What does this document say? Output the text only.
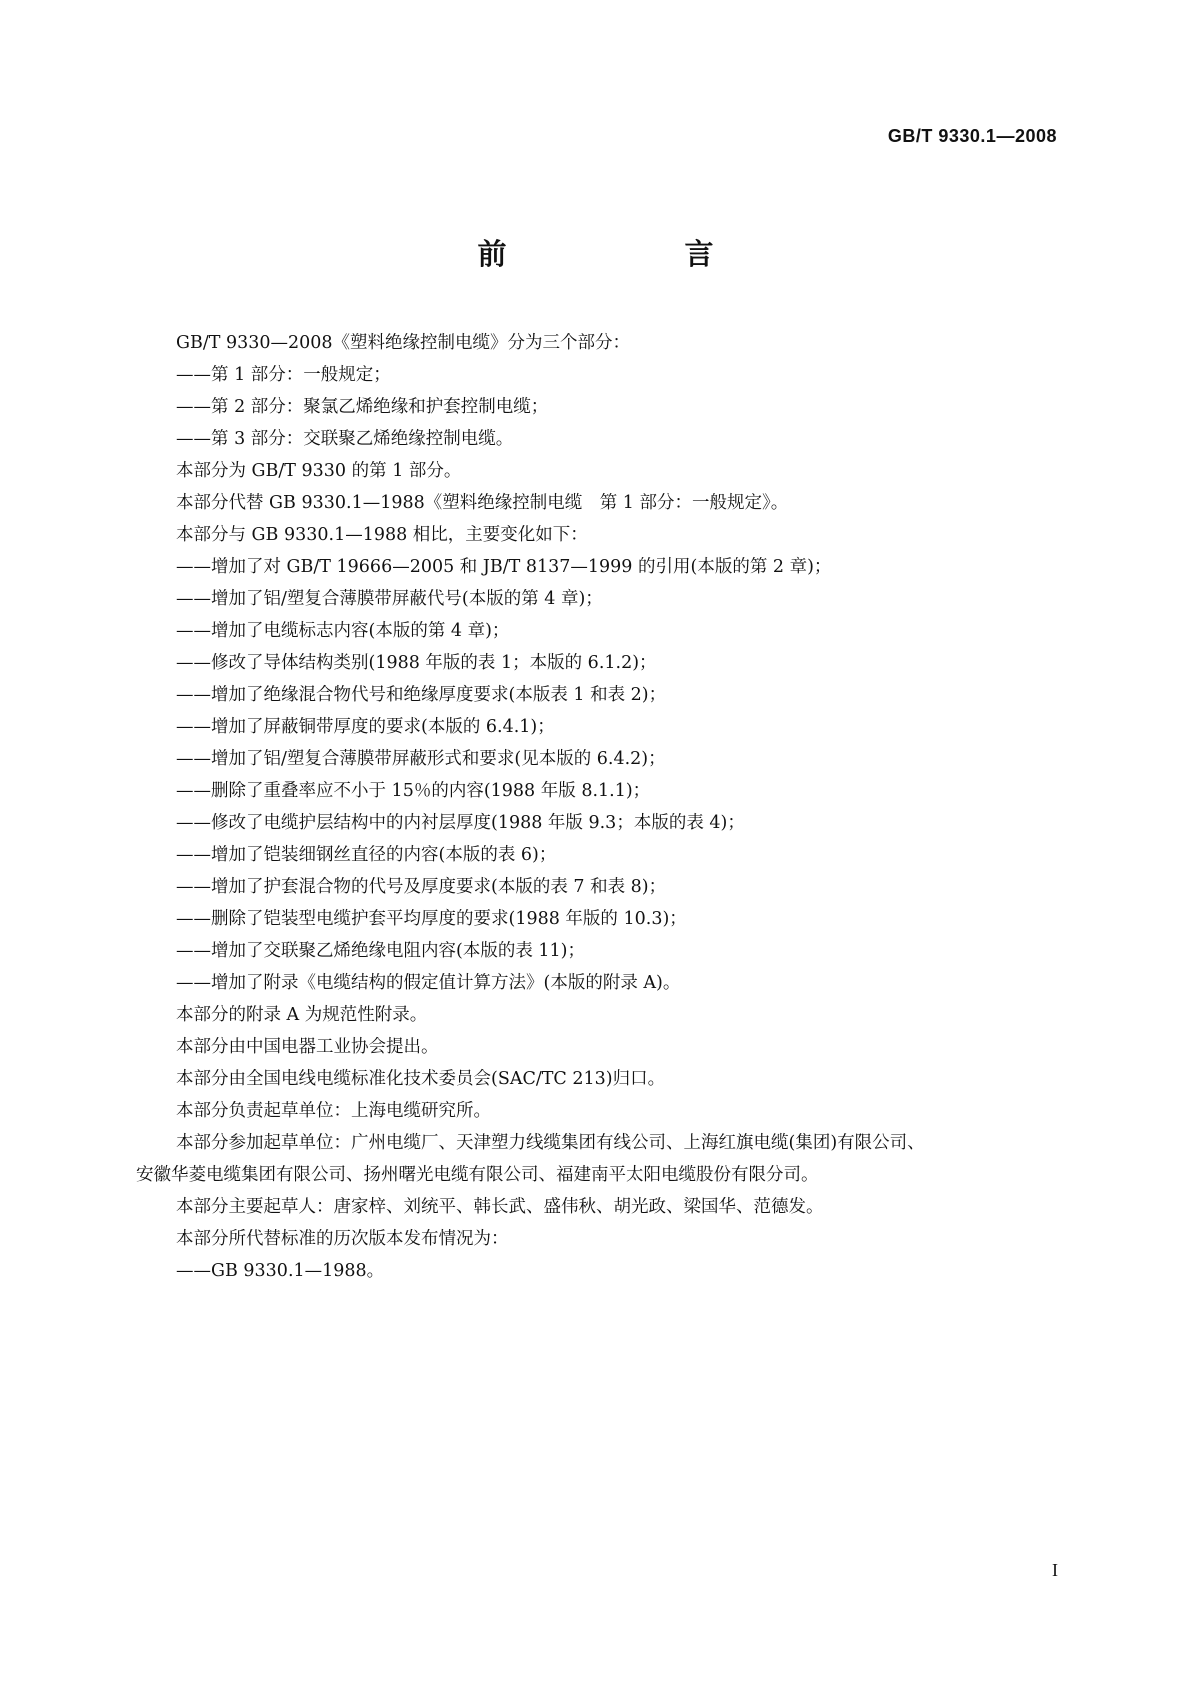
GB/T 9330.1—2008
前　　言
GB/T 9330—2008《塑料绝缘控制电缆》分为三个部分：
——第 1 部分：一般规定；
——第 2 部分：聚氯乙烯绝缘和护套控制电缆；
——第 3 部分：交联聚乙烯绝缘控制电缆。
本部分为 GB/T 9330 的第 1 部分。
本部分代替 GB 9330.1—1988《塑料绝缘控制电缆　第 1 部分：一般规定》。
本部分与 GB 9330.1—1988 相比，主要变化如下：
——增加了对 GB/T 19666—2005 和 JB/T 8137—1999 的引用(本版的第 2 章)；
——增加了铝/塑复合薄膜带屏蔽代号(本版的第 4 章)；
——增加了电缆标志内容(本版的第 4 章)；
——修改了导体结构类别(1988 年版的表 1；本版的 6.1.2)；
——增加了绝缘混合物代号和绝缘厚度要求(本版表 1 和表 2)；
——增加了屏蔽铜带厚度的要求(本版的 6.4.1)；
——增加了铝/塑复合薄膜带屏蔽形式和要求(见本版的 6.4.2)；
——删除了重叠率应不小于 15％的内容(1988 年版 8.1.1)；
——修改了电缆护层结构中的内衬层厚度(1988 年版 9.3；本版的表 4)；
——增加了铠装细钢丝直径的内容(本版的表 6)；
——增加了护套混合物的代号及厚度要求(本版的表 7 和表 8)；
——删除了铠装型电缆护套平均厚度的要求(1988 年版的 10.3)；
——增加了交联聚乙烯绝缘电阻内容(本版的表 11)；
——增加了附录《电缆结构的假定值计算方法》(本版的附录 A)。
本部分的附录 A 为规范性附录。
本部分由中国电器工业协会提出。
本部分由全国电线电缆标准化技术委员会(SAC/TC 213)归口。
本部分负责起草单位：上海电缆研究所。
本部分参加起草单位：广州电缆厂、天津塑力线缆集团有线公司、上海红旗电缆(集团)有限公司、
安徽华菱电缆集团有限公司、扬州曙光电缆有限公司、福建南平太阳电缆股份有限分司。
本部分主要起草人：唐家梓、刘统平、韩长武、盛伟秋、胡光政、梁国华、范德发。
本部分所代替标准的历次版本发布情况为：
——GB 9330.1—1988。
I
